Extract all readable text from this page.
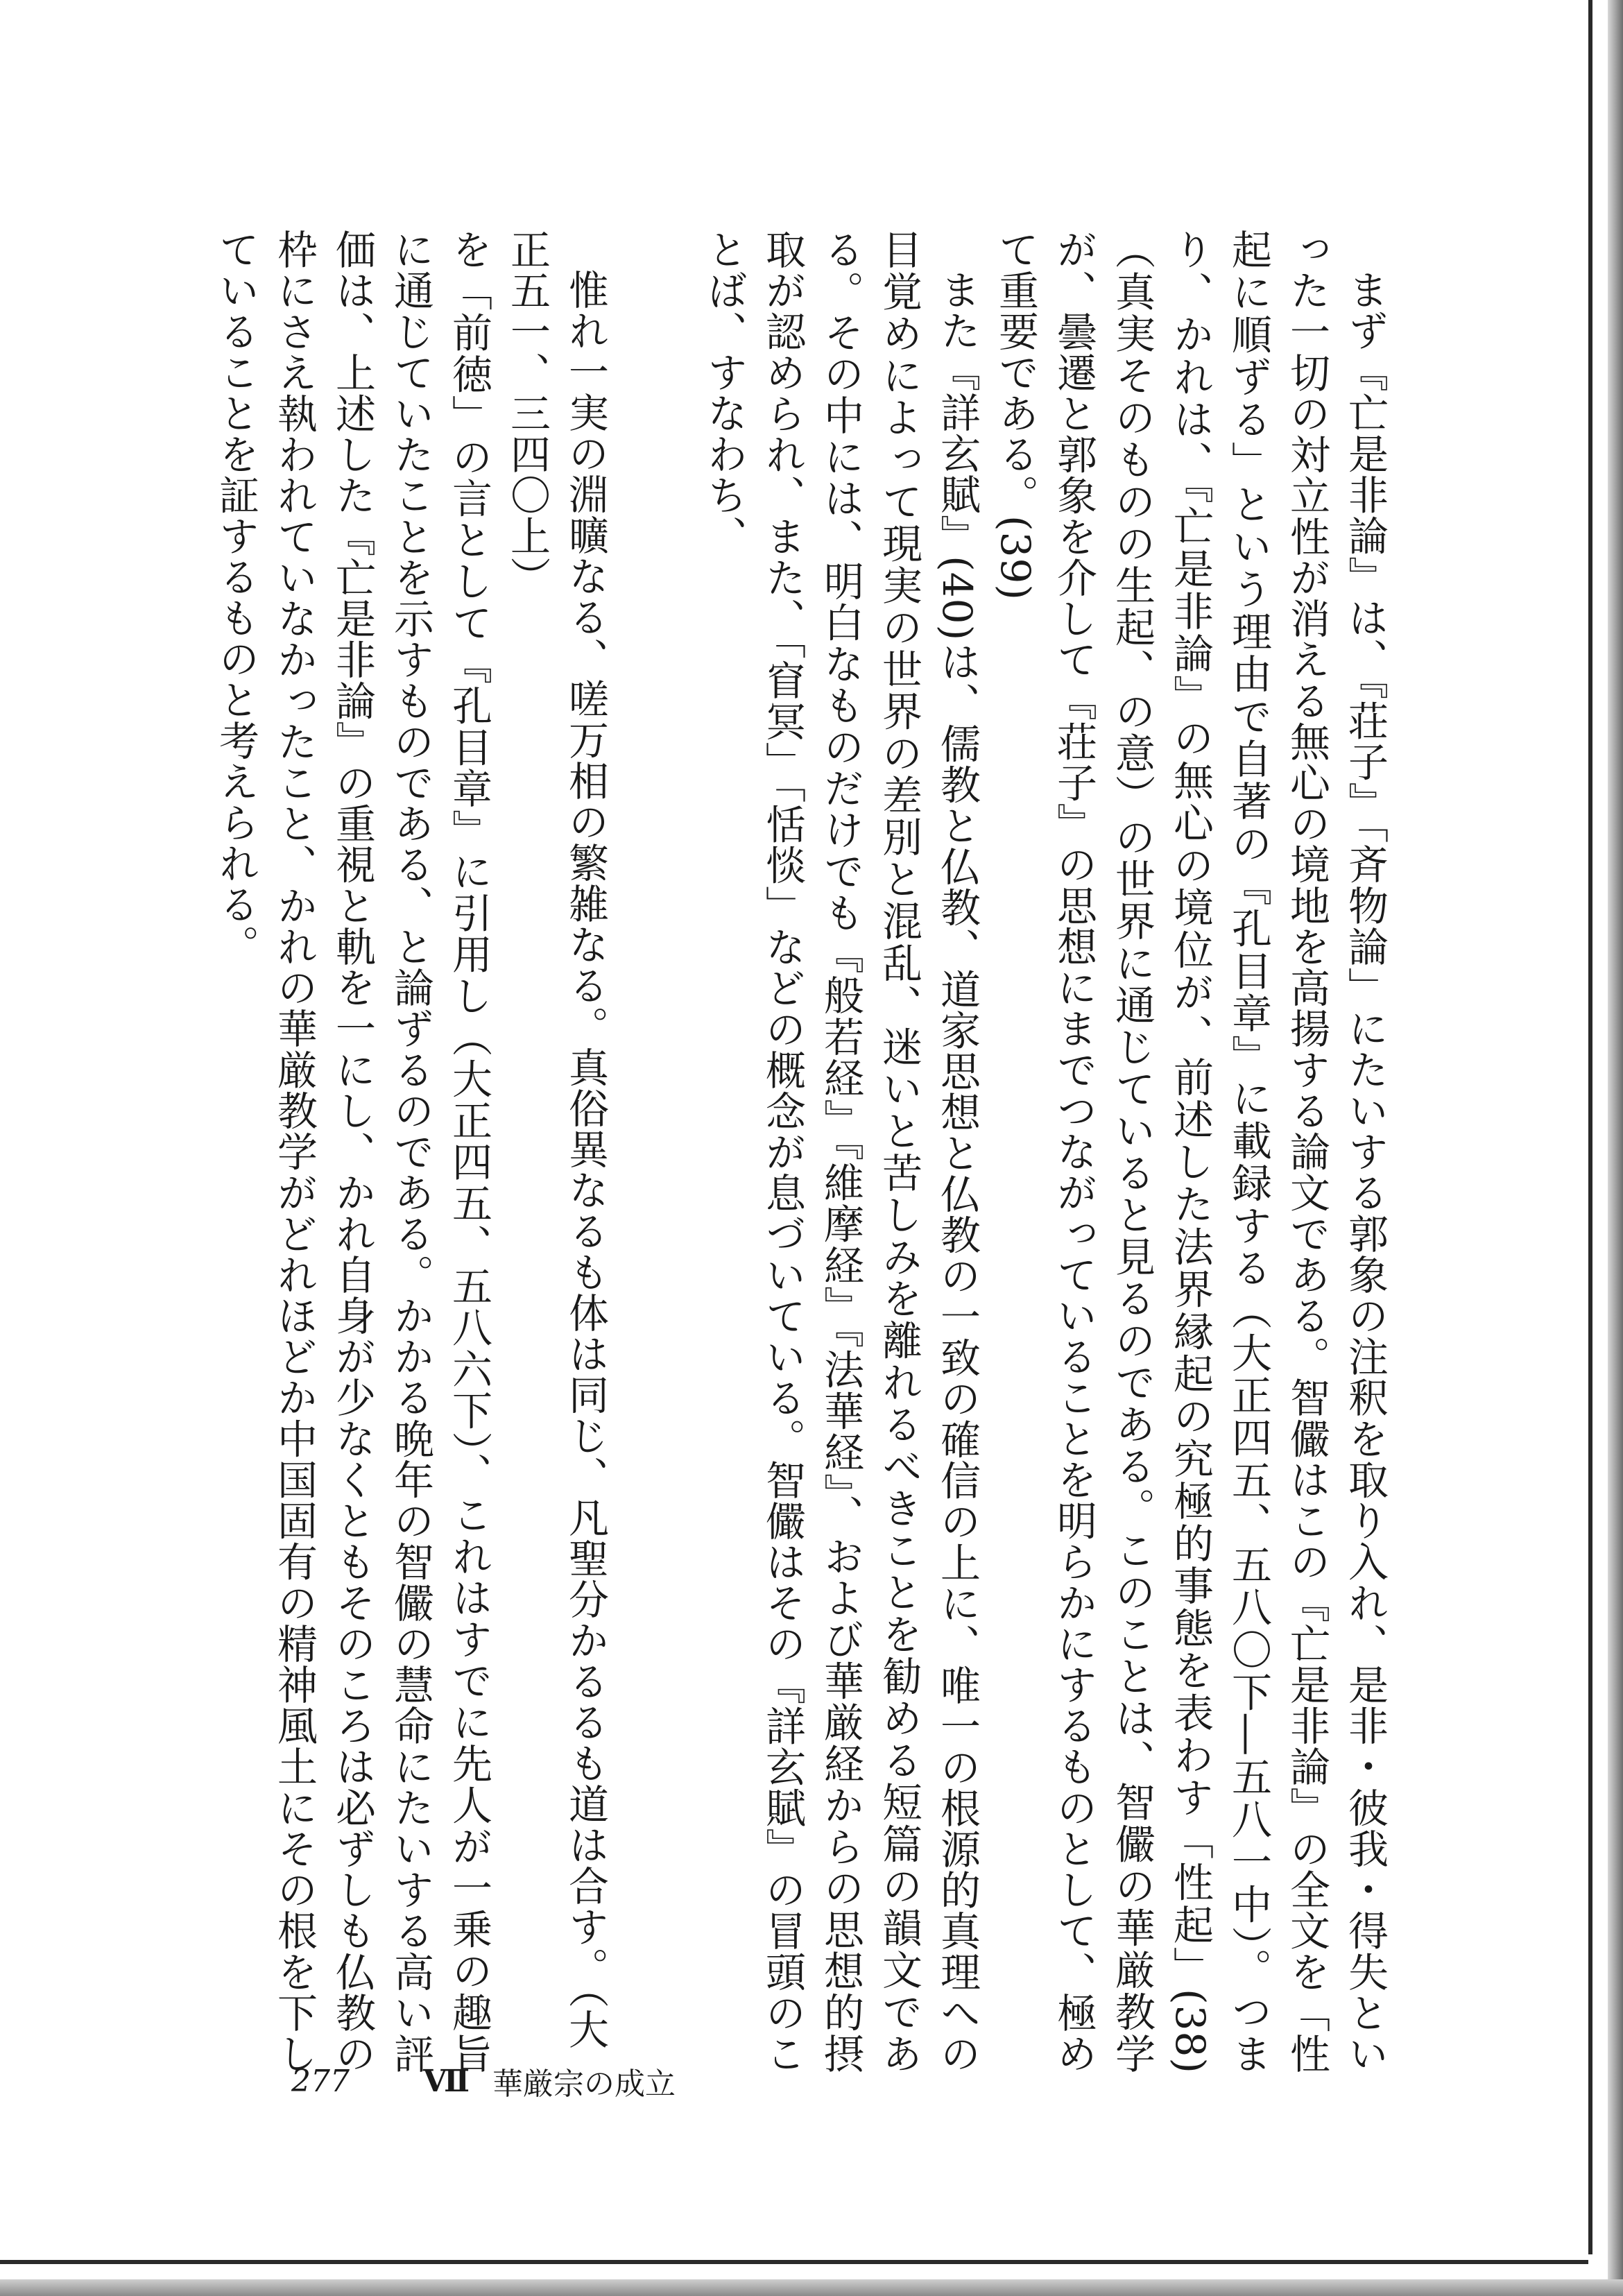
まず『亡是非論』は、『荘子』「斉物論」にたいする郭象の注釈を取り入れ、是非・彼我・得失といった一切の対立性が消える無心の境地を高揚する論文である。智儼はこの『亡是非論』の全文を「性起に順ずる」という理由で自著の『孔目章』に載録する（大正四五、五八〇下―五八一中）。つまり、かれは、『亡是非論』の無心の境位が、前述した法界縁起の究極的事態を表わす「性起」(38)（真実そのものの生起、の意）の世界に通じていると見るのである。このことは、智儼の華厳教学が、曇遷と郭象を介して『荘子』の思想にまでつながっていることを明らかにするものとして、極めて重要である。(39)

また『詳玄賦』(40)は、儒教と仏教、道家思想と仏教の一致の確信の上に、唯一の根源的真理への目覚めによって現実の世界の差別と混乱、迷いと苦しみを離れるべきことを勧める短篇の韻文である。その中には、明白なものだけでも『般若経』『維摩経』『法華経』、および華厳経からの思想的摂取が認められ、また、「窅冥」「恬惔」などの概念が息づいている。智儼はその『詳玄賦』の冒頭のことば、すなわち、

惟れ一実の淵曠なる、嗟万相の繁雑なる。真俗異なるも体は同じ、凡聖分かるるも道は合す。（大正五一、三四〇上）

を「前徳」の言として『孔目章』に引用し（大正四五、五八六下）、これはすでに先人が一乗の趣旨に通じていたことを示すものである、と論ずるのである。かかる晩年の智儼の慧命にたいする高い評価は、上述した『亡是非論』の重視と軌を一にし、かれ自身が少なくともそのころは必ずしも仏教の枠にさえ執われていなかったこと、かれの華厳教学がどれほどか中国固有の精神風土にその根を下していることを証するものと考えられる。

277	Ⅶ 華厳宗の成立
